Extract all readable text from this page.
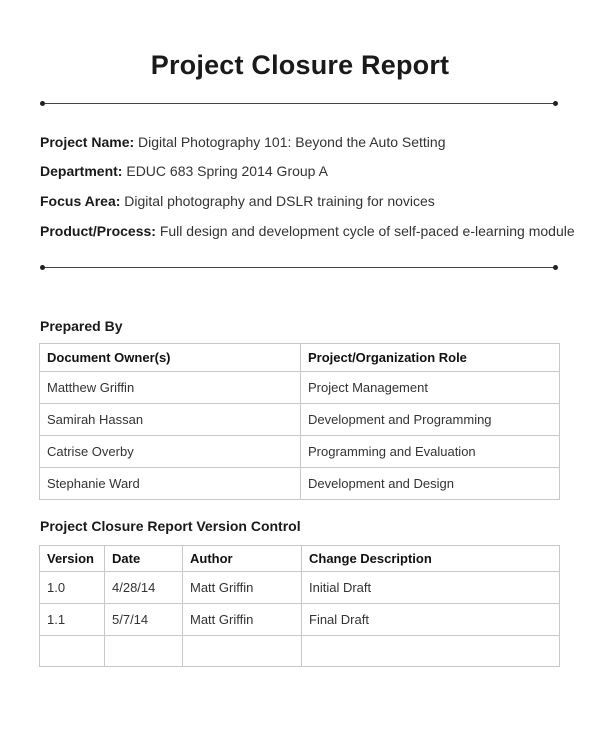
Project Closure Report
Project Name: Digital Photography 101: Beyond the Auto Setting
Department: EDUC 683 Spring 2014 Group A
Focus Area: Digital photography and DSLR training for novices
Product/Process: Full design and development cycle of self-paced e-learning module
Prepared By
Document Owner(s)	Project/Organization Role
Matthew Griffin	Project Management
Samirah Hassan	Development and Programming
Catrise Overby	Programming and Evaluation
Stephanie Ward	Development and Design
Project Closure Report Version Control
Version	Date	Author	Change Description
1.0	4/28/14	Matt Griffin	Initial Draft
1.1	5/7/14	Matt Griffin	Final Draft
